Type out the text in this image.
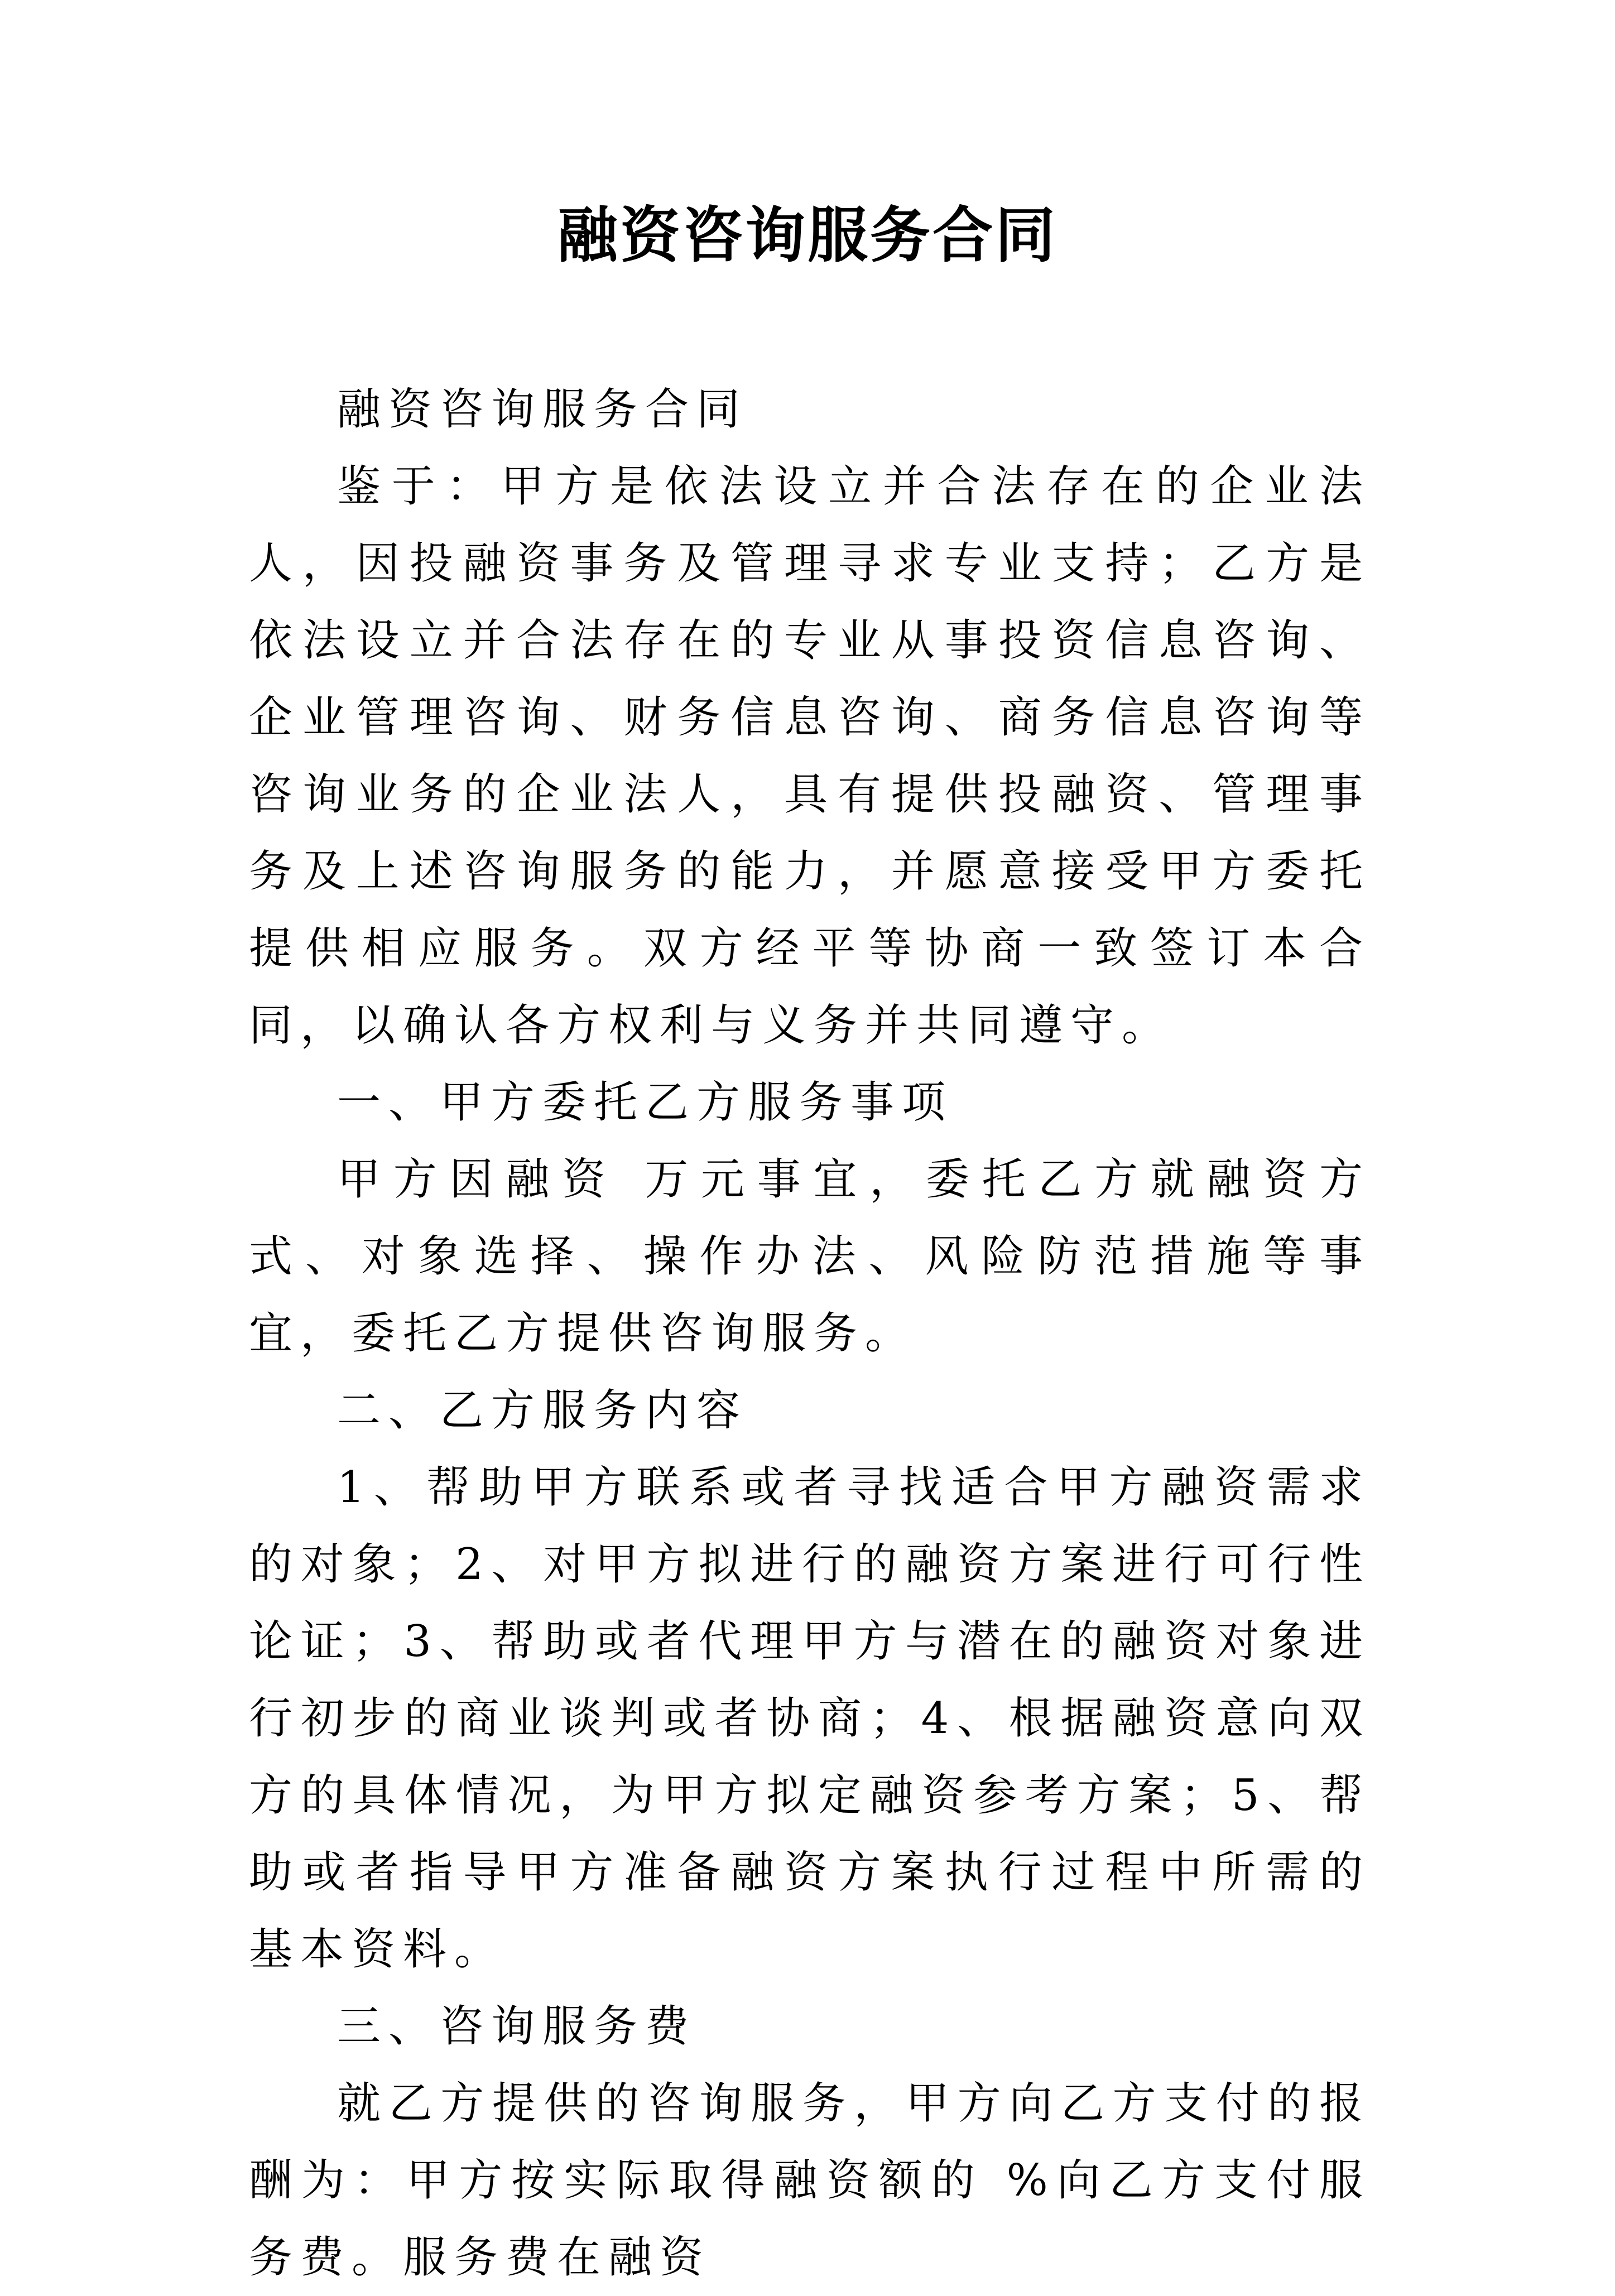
融资咨询服务合同

融资咨询服务合同

鉴于：甲方是依法设立并合法存在的企业法人，因投融资事务及管理寻求专业支持；乙方是依法设立并合法存在的专业从事投资信息咨询、企业管理咨询、财务信息咨询、商务信息咨询等咨询业务的企业法人，具有提供投融资、管理事务及上述咨询服务的能力，并愿意接受甲方委托提供相应服务。双方经平等协商一致签订本合同，以确认各方权利与义务并共同遵守。

一、甲方委托乙方服务事项

甲方因融资 万元事宜，委托乙方就融资方式、对象选择、操作办法、风险防范措施等事宜，委托乙方提供咨询服务。

二、乙方服务内容

1、帮助甲方联系或者寻找适合甲方融资需求的对象；2、对甲方拟进行的融资方案进行可行性论证；3、帮助或者代理甲方与潜在的融资对象进行初步的商业谈判或者协商；4、根据融资意向双方的具体情况，为甲方拟定融资参考方案；5、帮助或者指导甲方准备融资方案执行过程中所需的基本资料。

三、咨询服务费

就乙方提供的咨询服务，甲方向乙方支付的报酬为：甲方按实际取得融资额的 %向乙方支付服务费。服务费在融资
